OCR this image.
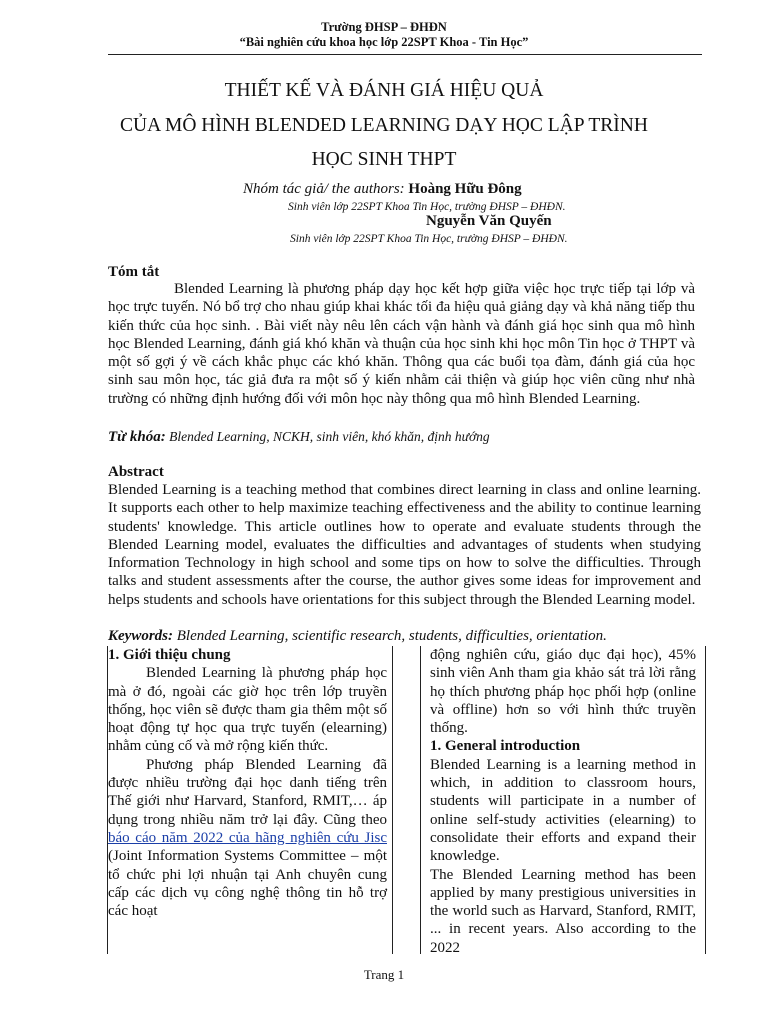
Trường ĐHSP – ĐHĐN
“Bài nghiên cứu khoa học lớp 22SPT Khoa - Tin Học”
THIẾT KẾ VÀ ĐÁNH GIÁ HIỆU QUẢ
CỦA MÔ HÌNH BLENDED LEARNING DẠY HỌC LẬP TRÌNH
HỌC SINH THPT
Nhóm tác giả/ the authors: Hoàng Hữu Đông
Sinh viên lớp 22SPT Khoa Tin Học, trường ĐHSP – ĐHĐN.
Nguyễn Văn Quyến
Sinh viên lớp 22SPT Khoa Tin Học, trường ĐHSP – ĐHĐN.
Tóm tắt
Blended Learning là phương pháp dạy học kết hợp giữa việc học trực tiếp tại lớp và học trực tuyến. Nó bổ trợ cho nhau giúp khai khác tối đa hiệu quả giảng dạy và khả năng tiếp thu kiến thức của học sinh. . Bài viết này nêu lên cách vận hành và đánh giá học sinh qua mô hình học Blended Learning, đánh giá khó khăn và thuận của học sinh khi học môn Tin học ở THPT và một số gợi ý về cách khắc phục các khó khăn. Thông qua các buổi tọa đàm, đánh giá của học sinh sau môn học, tác giả đưa ra một số ý kiến nhằm cải thiện và giúp học viên cũng như nhà trường có những định hướng đối với môn học này thông qua mô hình Blended Learning.
Từ khóa: Blended Learning, NCKH, sinh viên, khó khăn, định hướng
Abstract
Blended Learning is a teaching method that combines direct learning in class and online learning. It supports each other to help maximize teaching effectiveness and the ability to continue learning students' knowledge. This article outlines how to operate and evaluate students through the Blended Learning model, evaluates the difficulties and advantages of students when studying Information Technology in high school and some tips on how to solve the difficulties. Through talks and student assessments after the course, the author gives some ideas for improvement and helps students and schools have orientations for this subject through the Blended Learning model.
Keywords: Blended Learning, scientific research, students, difficulties, orientation.
1. Giới thiệu chung

Blended Learning là phương pháp học mà ở đó, ngoài các giờ học trên lớp truyền thống, học viên sẽ được tham gia thêm một số hoạt động tự học qua trực tuyến (elearning) nhằm củng cố và mở rộng kiến thức.

Phương pháp Blended Learning đã được nhiều trường đại học danh tiếng trên Thế giới như Harvard, Stanford, RMIT,… áp dụng trong nhiều năm trở lại đây. Cũng theo báo cáo năm 2022 của hãng nghiên cứu Jisc (Joint Information Systems Committee – một tổ chức phi lợi nhuận tại Anh chuyên cung cấp các dịch vụ công nghệ thông tin hỗ trợ các hoạt

động nghiên cứu, giáo dục đại học), 45% sinh viên Anh tham gia khảo sát trả lời rằng họ thích phương pháp học phối hợp (online và offline) hơn so với hình thức truyền thống.

1. General introduction

Blended Learning is a learning method in which, in addition to classroom hours, students will participate in a number of online self-study activities (elearning) to consolidate their efforts and expand their knowledge.

The Blended Learning method has been applied by many prestigious universities in the world such as Harvard, Stanford, RMIT, ... in recent years. Also according to the 2022

Trang 1
